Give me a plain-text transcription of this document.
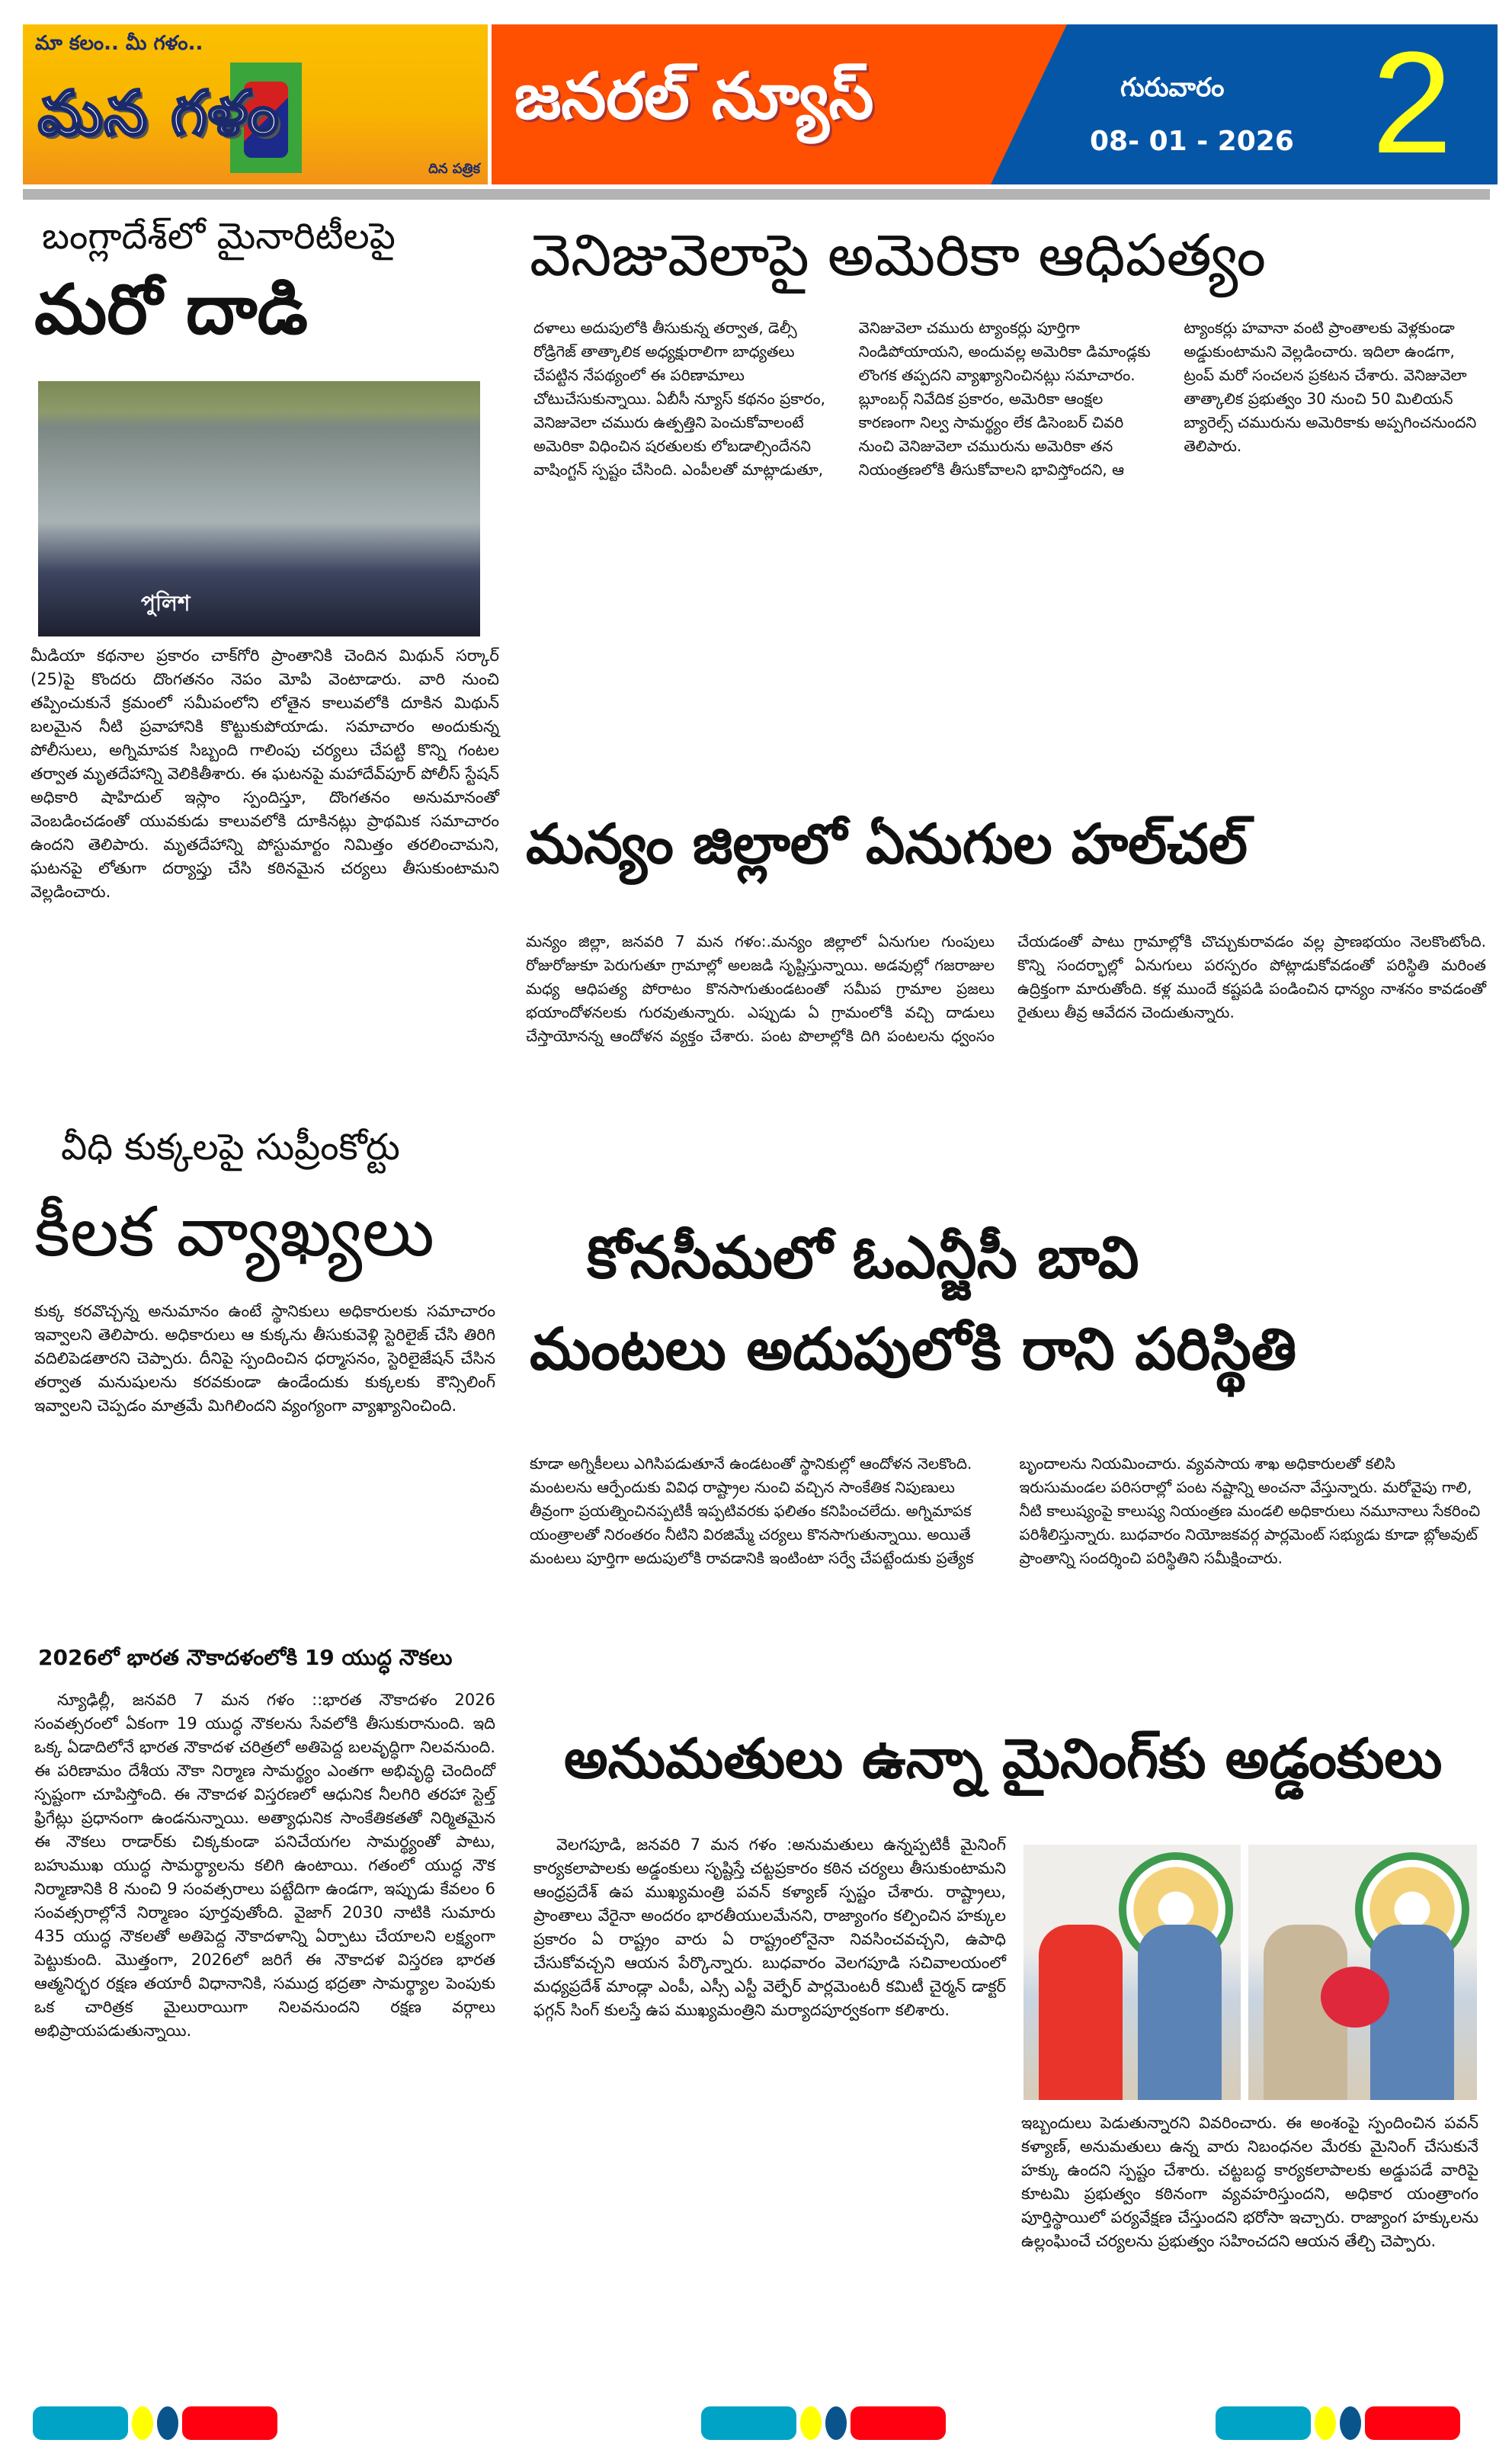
మా కలం.. మీ గళం..
మన గళం
దిన పత్రిక
జనరల్ న్యూస్	గురువారం
08- 01 - 2026 2
బంగ్లాదేశ్‌లో మైనారిటీలపై
మరో దాడి
পুলিশ
మీడియా కథనాల ప్రకారం చాక్‌గోరి ప్రాంతానికి చెందిన మిథున్ సర్కార్ (25)పై కొందరు దొంగతనం నెపం మోపి వెంటాడారు. వారి నుంచి తప్పించుకునే క్రమంలో సమీపంలోని లోతైన కాలువలోకి దూకిన మిథున్ బలమైన నీటి ప్రవాహానికి కొట్టుకుపోయాడు. సమాచారం అందుకున్న పోలీసులు, అగ్నిమాపక సిబ్బంది గాలింపు చర్యలు చేపట్టి కొన్ని గంటల తర్వాత మృతదేహాన్ని వెలికితీశారు. ఈ ఘటనపై మహాదేవ్‌పూర్ పోలీస్ స్టేషన్ అధికారి షాహిదుల్ ఇస్లాం స్పందిస్తూ, దొంగతనం అనుమానంతో వెంబడించడంతో యువకుడు కాలువలోకి దూకినట్లు ప్రాథమిక సమాచారం ఉందని తెలిపారు. మృతదేహాన్ని పోస్టుమార్టం నిమిత్తం తరలించామని, ఘటనపై లోతుగా దర్యాప్తు చేసి కఠినమైన చర్యలు తీసుకుంటామని వెల్లడించారు.
వీధి కుక్కలపై సుప్రీంకోర్టు
కీలక వ్యాఖ్యలు
కుక్క కరవొచ్చన్న అనుమానం ఉంటే స్థానికులు అధికారులకు సమాచారం ఇవ్వాలని తెలిపారు. అధికారులు ఆ కుక్కను తీసుకువెళ్లి స్టెరిలైజ్ చేసి తిరిగి వదిలిపెడతారని చెప్పారు. దీనిపై స్పందించిన ధర్మాసనం, స్టెరిలైజేషన్ చేసిన తర్వాత మనుషులను కరవకుండా ఉండేందుకు కుక్కలకు కౌన్సిలింగ్ ఇవ్వాలని చెప్పడం మాత్రమే మిగిలిందని వ్యంగ్యంగా వ్యాఖ్యానించింది.
2026లో భారత నౌకాదళంలోకి 19 యుద్ధ నౌకలు
న్యూఢిల్లీ, జనవరి 7 మన గళం ::భారత నౌకాదళం 2026 సంవత్సరంలో ఏకంగా 19 యుద్ధ నౌకలను సేవలోకి తీసుకురానుంది. ఇది ఒక్క ఏడాదిలోనే భారత నౌకాదళ చరిత్రలో అతిపెద్ద బలవృద్ధిగా నిలవనుంది. ఈ పరిణామం దేశీయ నౌకా నిర్మాణ సామర్థ్యం ఎంతగా అభివృద్ధి చెందిందో స్పష్టంగా చూపిస్తోంది. ఈ నౌకాదళ విస్తరణలో ఆధునిక నీలగిరి తరహా స్టెల్త్ ఫ్రిగేట్లు ప్రధానంగా ఉండనున్నాయి. అత్యాధునిక సాంకేతికతతో నిర్మితమైన ఈ నౌకలు రాడార్‌కు చిక్కకుండా పనిచేయగల సామర్థ్యంతో పాటు, బహుముఖ యుద్ధ సామర్థ్యాలను కలిగి ఉంటాయి. గతంలో యుద్ధ నౌక నిర్మాణానికి 8 నుంచి 9 సంవత్సరాలు పట్టేదిగా ఉండగా, ఇప్పుడు కేవలం 6 సంవత్సరాల్లోనే నిర్మాణం పూర్తవుతోంది. వైజాగ్ 2030 నాటికి సుమారు 435 యుద్ధ నౌకలతో అతిపెద్ద నౌకాదళాన్ని ఏర్పాటు చేయాలని లక్ష్యంగా పెట్టుకుంది. మొత్తంగా, 2026లో జరిగే ఈ నౌకాదళ విస్తరణ భారత ఆత్మనిర్భర రక్షణ తయారీ విధానానికి, సముద్ర భద్రతా సామర్థ్యాల పెంపుకు ఒక చారిత్రక మైలురాయిగా నిలవనుందని రక్షణ వర్గాలు అభిప్రాయపడుతున్నాయి.
వెనిజువెలాపై అమెరికా ఆధిపత్యం
దళాలు అదుపులోకి తీసుకున్న తర్వాత, డెల్సీ రోడ్రిగెజ్ తాత్కాలిక అధ్యక్షురాలిగా బాధ్యతలు చేపట్టిన నేపథ్యంలో ఈ పరిణామాలు చోటుచేసుకున్నాయి. ఏబీసీ న్యూస్ కథనం ప్రకారం, వెనిజువెలా చమురు ఉత్పత్తిని పెంచుకోవాలంటే అమెరికా విధించిన షరతులకు లోబడాల్సిందేనని వాషింగ్టన్ స్పష్టం చేసింది. ఎంపీలతో మాట్లాడుతూ, వెనిజువెలా చమురు ట్యాంకర్లు పూర్తిగా నిండిపోయాయని, అందువల్ల అమెరికా డిమాండ్లకు లొంగక తప్పదని వ్యాఖ్యానించినట్లు సమాచారం. బ్లూంబర్గ్ నివేదిక ప్రకారం, అమెరికా ఆంక్షల కారణంగా నిల్వ సామర్థ్యం లేక డిసెంబర్ చివరి నుంచి వెనిజువెలా చమురును అమెరికా తన నియంత్రణలోకి తీసుకోవాలని భావిస్తోందని, ఆ ట్యాంకర్లు హవానా వంటి ప్రాంతాలకు వెళ్లకుండా అడ్డుకుంటామని వెల్లడించారు. ఇదిలా ఉండగా, ట్రంప్ మరో సంచలన ప్రకటన చేశారు. వెనిజువెలా తాత్కాలిక ప్రభుత్వం 30 నుంచి 50 మిలియన్ బ్యారెల్స్ చమురును అమెరికాకు అప్పగించనుందని తెలిపారు.
మన్యం జిల్లాలో ఏనుగుల హల్‌చల్
మన్యం జిల్లా, జనవరి 7 మన గళం:.మన్యం జిల్లాలో ఏనుగుల గుంపులు రోజురోజుకూ పెరుగుతూ గ్రామాల్లో అలజడి సృష్టిస్తున్నాయి. అడవుల్లో గజరాజుల మధ్య ఆధిపత్య పోరాటం కొనసాగుతుండటంతో సమీప గ్రామాల ప్రజలు భయాందోళనలకు గురవుతున్నారు. ఎప్పుడు ఏ గ్రామంలోకి వచ్చి దాడులు చేస్తాయోనన్న ఆందోళన వ్యక్తం చేశారు. పంట పొలాల్లోకి దిగి పంటలను ధ్వంసం చేయడంతో పాటు గ్రామాల్లోకి చొచ్చుకురావడం వల్ల ప్రాణభయం నెలకొంటోంది. కొన్ని సందర్భాల్లో ఏనుగులు పరస్పరం పోట్లాడుకోవడంతో పరిస్థితి మరింత ఉద్రిక్తంగా మారుతోంది. కళ్ల ముందే కష్టపడి పండించిన ధాన్యం నాశనం కావడంతో రైతులు తీవ్ర ఆవేదన చెందుతున్నారు.
కోనసీమలో ఓఎన్జీసీ బావి
మంటలు అదుపులోకి రాని పరిస్థితి
కూడా అగ్నికీలలు ఎగిసిపడుతూనే ఉండటంతో స్థానికుల్లో ఆందోళన నెలకొంది. మంటలను ఆర్పేందుకు వివిధ రాష్ట్రాల నుంచి వచ్చిన సాంకేతిక నిపుణులు తీవ్రంగా ప్రయత్నించినప్పటికీ ఇప్పటివరకు ఫలితం కనిపించలేదు. అగ్నిమాపక యంత్రాలతో నిరంతరం నీటిని విరజిమ్మే చర్యలు కొనసాగుతున్నాయి. అయితే మంటలు పూర్తిగా అదుపులోకి రావడానికి ఇంటింటా సర్వే చేపట్టేందుకు ప్రత్యేక బృందాలను నియమించారు. వ్యవసాయ శాఖ అధికారులతో కలిసి ఇరుసుమండల పరిసరాల్లో పంట నష్టాన్ని అంచనా వేస్తున్నారు. మరోవైపు గాలి, నీటి కాలుష్యంపై కాలుష్య నియంత్రణ మండలి అధికారులు నమూనాలు సేకరించి పరిశీలిస్తున్నారు. బుధవారం నియోజకవర్గ పార్లమెంట్ సభ్యుడు కూడా బ్లోఅవుట్ ప్రాంతాన్ని సందర్శించి పరిస్థితిని సమీక్షించారు.
అనుమతులు ఉన్నా మైనింగ్‌కు అడ్డంకులు
వెలగపూడి, జనవరి 7 మన గళం :అనుమతులు ఉన్నప్పటికీ మైనింగ్ కార్యకలాపాలకు అడ్డంకులు సృష్టిస్తే చట్టప్రకారం కఠిన చర్యలు తీసుకుంటామని ఆంధ్రప్రదేశ్ ఉప ముఖ్యమంత్రి పవన్ కళ్యాణ్ స్పష్టం చేశారు. రాష్ట్రాలు, ప్రాంతాలు వేరైనా అందరం భారతీయులమేనని, రాజ్యాంగం కల్పించిన హక్కుల ప్రకారం ఏ రాష్ట్రం వారు ఏ రాష్ట్రంలోనైనా నివసించవచ్చని, ఉపాధి చేసుకోవచ్చని ఆయన పేర్కొన్నారు. బుధవారం వెలగపూడి సచివాలయంలో మధ్యప్రదేశ్ మాండ్లా ఎంపీ, ఎస్సీ ఎస్టీ వెల్ఫేర్ పార్లమెంటరీ కమిటీ చైర్మన్ డాక్టర్ ఫగ్గన్ సింగ్ కులస్తే ఉప ముఖ్యమంత్రిని మర్యాదపూర్వకంగా కలిశారు.
ఇబ్బందులు పెడుతున్నారని వివరించారు. ఈ అంశంపై స్పందించిన పవన్ కళ్యాణ్, అనుమతులు ఉన్న వారు నిబంధనల మేరకు మైనింగ్ చేసుకునే హక్కు ఉందని స్పష్టం చేశారు. చట్టబద్ధ కార్యకలాపాలకు అడ్డుపడే వారిపై కూటమి ప్రభుత్వం కఠినంగా వ్యవహరిస్తుందని, అధికార యంత్రాంగం పూర్తిస్థాయిలో పర్యవేక్షణ చేస్తుందని భరోసా ఇచ్చారు. రాజ్యాంగ హక్కులను ఉల్లంఘించే చర్యలను ప్రభుత్వం సహించదని ఆయన తేల్చి చెప్పారు.
